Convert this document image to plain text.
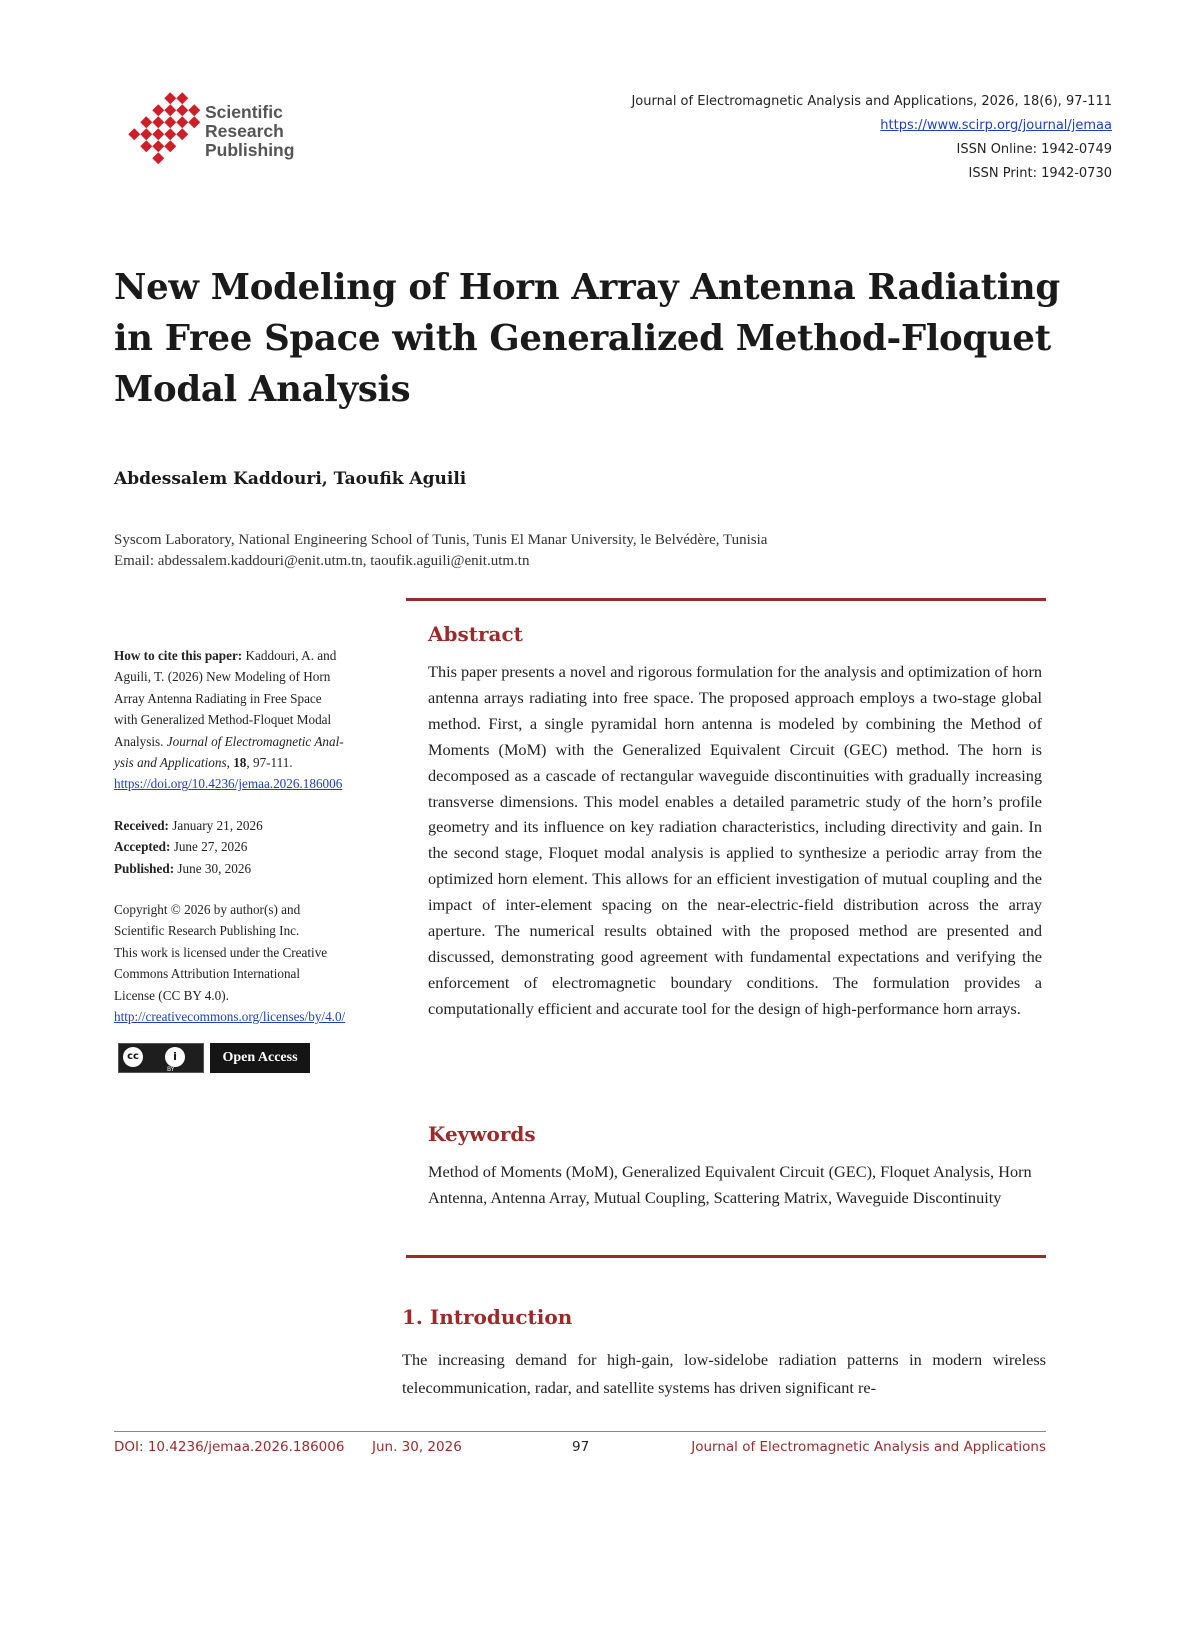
Scientific
Research
Publishing
Journal of Electromagnetic Analysis and Applications, 2026, 18(6), 97-111
https://www.scirp.org/journal/jemaa
ISSN Online: 1942-0749
ISSN Print: 1942-0730
New Modeling of Horn Array Antenna Radiating
in Free Space with Generalized Method-Floquet
Modal Analysis
Abdessalem Kaddouri, Taoufik Aguili
Syscom Laboratory, National Engineering School of Tunis, Tunis El Manar University, le Belvédère, Tunisia
Email: abdessalem.kaddouri@enit.utm.tn, taoufik.aguili@enit.utm.tn
How to cite this paper: Kaddouri, A. and
Aguili, T. (2026) New Modeling of Horn
Array Antenna Radiating in Free Space
with Generalized Method-Floquet Modal
Analysis. Journal of Electromagnetic Anal-
ysis and Applications, 18, 97-111.
https://doi.org/10.4236/jemaa.2026.186006
Received: January 21, 2026
Accepted: June 27, 2026
Published: June 30, 2026
Copyright © 2026 by author(s) and
Scientific Research Publishing Inc.
This work is licensed under the Creative
Commons Attribution International
License (CC BY 4.0).
http://creativecommons.org/licenses/by/4.0/
cc	i
BY
Open Access
Abstract
This paper presents a novel and rigorous formulation for the analysis and optimization of horn antenna arrays radiating into free space. The proposed approach employs a two-stage global method. First, a single pyramidal horn antenna is modeled by combining the Method of Moments (MoM) with the Generalized Equivalent Circuit (GEC) method. The horn is decomposed as a cascade of rectangular waveguide discontinuities with gradually increasing transverse dimensions. This model enables a detailed parametric study of the horn’s profile geometry and its influence on key radiation characteristics, including directivity and gain. In the second stage, Floquet modal analysis is applied to synthesize a periodic array from the optimized horn element. This allows for an efficient investigation of mutual coupling and the impact of inter-element spacing on the near-electric-field distribution across the array aperture. The numerical results obtained with the proposed method are presented and discussed, demonstrating good agreement with fundamental expectations and verifying the enforcement of electromagnetic boundary conditions. The formulation provides a computationally efficient and accurate tool for the design of high-performance horn arrays.
Keywords
Method of Moments (MoM), Generalized Equivalent Circuit (GEC), Floquet Analysis, Horn Antenna, Antenna Array, Mutual Coupling, Scattering Matrix, Waveguide Discontinuity
1. Introduction
The increasing demand for high-gain, low-sidelobe radiation patterns in modern wireless telecommunication, radar, and satellite systems has driven significant re-
DOI: 10.4236/jemaa.2026.186006 Jun. 30, 2026	97	Journal of Electromagnetic Analysis and Applications
